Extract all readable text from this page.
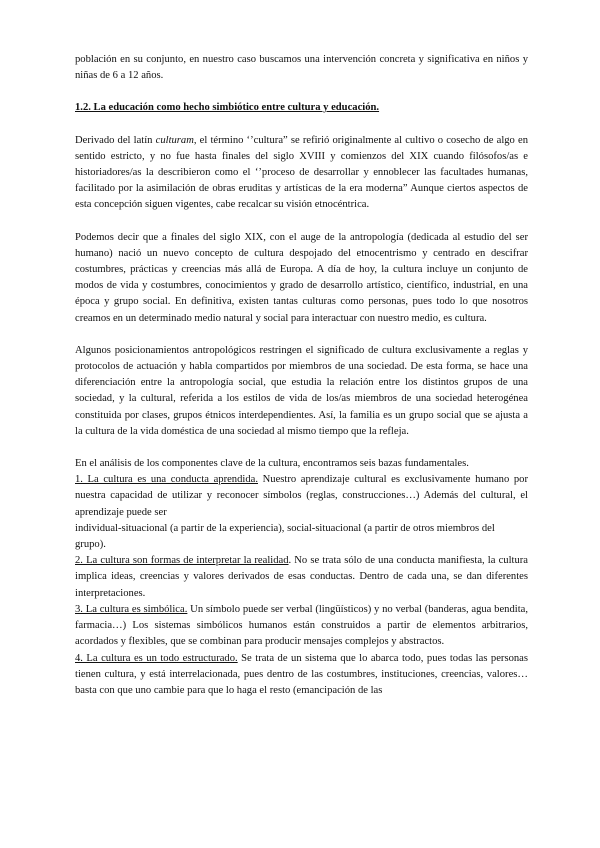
población en su conjunto, en nuestro caso buscamos una intervención concreta y significativa en niños y niñas de 6 a 12 años.

1.2. La educación como hecho simbiótico entre cultura y educación.

Derivado del latín culturam, el término ‘’cultura” se refirió originalmente al cultivo o cosecho de algo en sentido estricto, y no fue hasta finales del siglo XVIII y comienzos del XIX cuando filósofos/as e historiadores/as la describieron como el ‘’proceso de desarrollar y ennoblecer las facultades humanas, facilitado por la asimilación de obras eruditas y artísticas de la era moderna” Aunque ciertos aspectos de esta concepción siguen vigentes, cabe recalcar su visión etnocéntrica.

Podemos decir que a finales del siglo XIX, con el auge de la antropología (dedicada al estudio del ser humano) nació un nuevo concepto de cultura despojado del etnocentrismo y centrado en descifrar costumbres, prácticas y creencias más allá de Europa. A día de hoy, la cultura incluye un conjunto de modos de vida y costumbres, conocimientos y grado de desarrollo artístico, científico, industrial, en una época y grupo social. En definitiva, existen tantas culturas como personas, pues todo lo que nosotros creamos en un determinado medio natural y social para interactuar con nuestro medio, es cultura.

Algunos posicionamientos antropológicos restringen el significado de cultura exclusivamente a reglas y protocolos de actuación y habla compartidos por miembros de una sociedad. De esta forma, se hace una diferenciación entre la antropología social, que estudia la relación entre los distintos grupos de una sociedad, y la cultural, referida a los estilos de vida de los/as miembros de una sociedad heterogénea constituida por clases, grupos étnicos interdependientes. Así, la familia es un grupo social que se ajusta a la cultura de la vida doméstica de una sociedad al mismo tiempo que la refleja.

En el análisis de los componentes clave de la cultura, encontramos seis bazas fundamentales.

1. La cultura es una conducta aprendida. Nuestro aprendizaje cultural es exclusivamente humano por nuestra capacidad de utilizar y reconocer símbolos (reglas, construcciones…) Además del cultural, el aprendizaje puede ser

individual-situacional (a partir de la experiencia), social-situacional (a partir de otros miembros del grupo).

2. La cultura son formas de interpretar la realidad. No se trata sólo de una conducta manifiesta, la cultura implica ideas, creencias y valores derivados de esas conductas. Dentro de cada una, se dan diferentes interpretaciones.

3. La cultura es simbólica. Un símbolo puede ser verbal (lingüísticos) y no verbal (banderas, agua bendita, farmacia…) Los sistemas simbólicos humanos están construidos a partir de elementos arbitrarios, acordados y flexibles, que se combinan para producir mensajes complejos y abstractos.

4. La cultura es un todo estructurado. Se trata de un sistema que lo abarca todo, pues todas las personas tienen cultura, y está interrelacionada, pues dentro de las costumbres, instituciones, creencias, valores… basta con que uno cambie para que lo haga el resto (emancipación de las
